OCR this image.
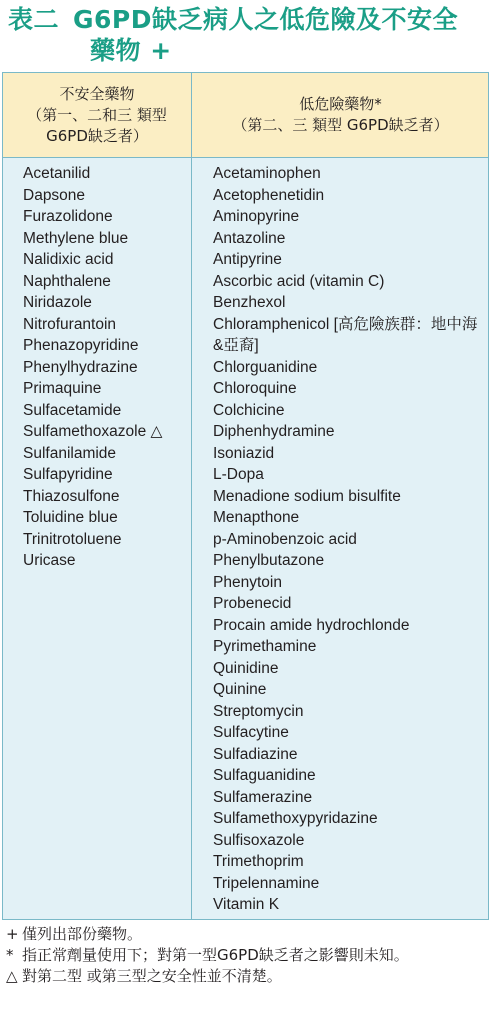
表二 G6PD缺乏病人之低危險及不安全
藥物 +
不安全藥物
（第一、二和三 類型
G6PD缺乏者）
低危險藥物*
（第二、三 類型 G6PD缺乏者）
Acetanilid
Dapsone
Furazolidone
Methylene blue
Nalidixic acid
Naphthalene
Niridazole
Nitrofurantoin
Phenazopyridine
Phenylhydrazine
Primaquine
Sulfacetamide
Sulfamethoxazole △
Sulfanilamide
Sulfapyridine
Thiazosulfone
Toluidine blue
Trinitrotoluene
Uricase
Acetaminophen
Acetophenetidin
Aminopyrine
Antazoline
Antipyrine
Ascorbic acid (vitamin C)
Benzhexol
Chloramphenicol [高危險族群：地中海&亞裔]
Chlorguanidine
Chloroquine
Colchicine
Diphenhydramine
Isoniazid
L-Dopa
Menadione sodium bisulfite
Menapthone
p-Aminobenzoic acid
Phenylbutazone
Phenytoin
Probenecid
Procain amide hydrochlonde
Pyrimethamine
Quinidine
Quinine
Streptomycin
Sulfacytine
Sulfadiazine
Sulfaguanidine
Sulfamerazine
Sulfamethoxypyridazine
Sulfisoxazole
Trimethoprim
Tripelennamine
Vitamin K
+ 僅列出部份藥物。
* 指正常劑量使用下；對第一型G6PD缺乏者之影響則未知。
△ 對第二型 或第三型之安全性並不清楚。
